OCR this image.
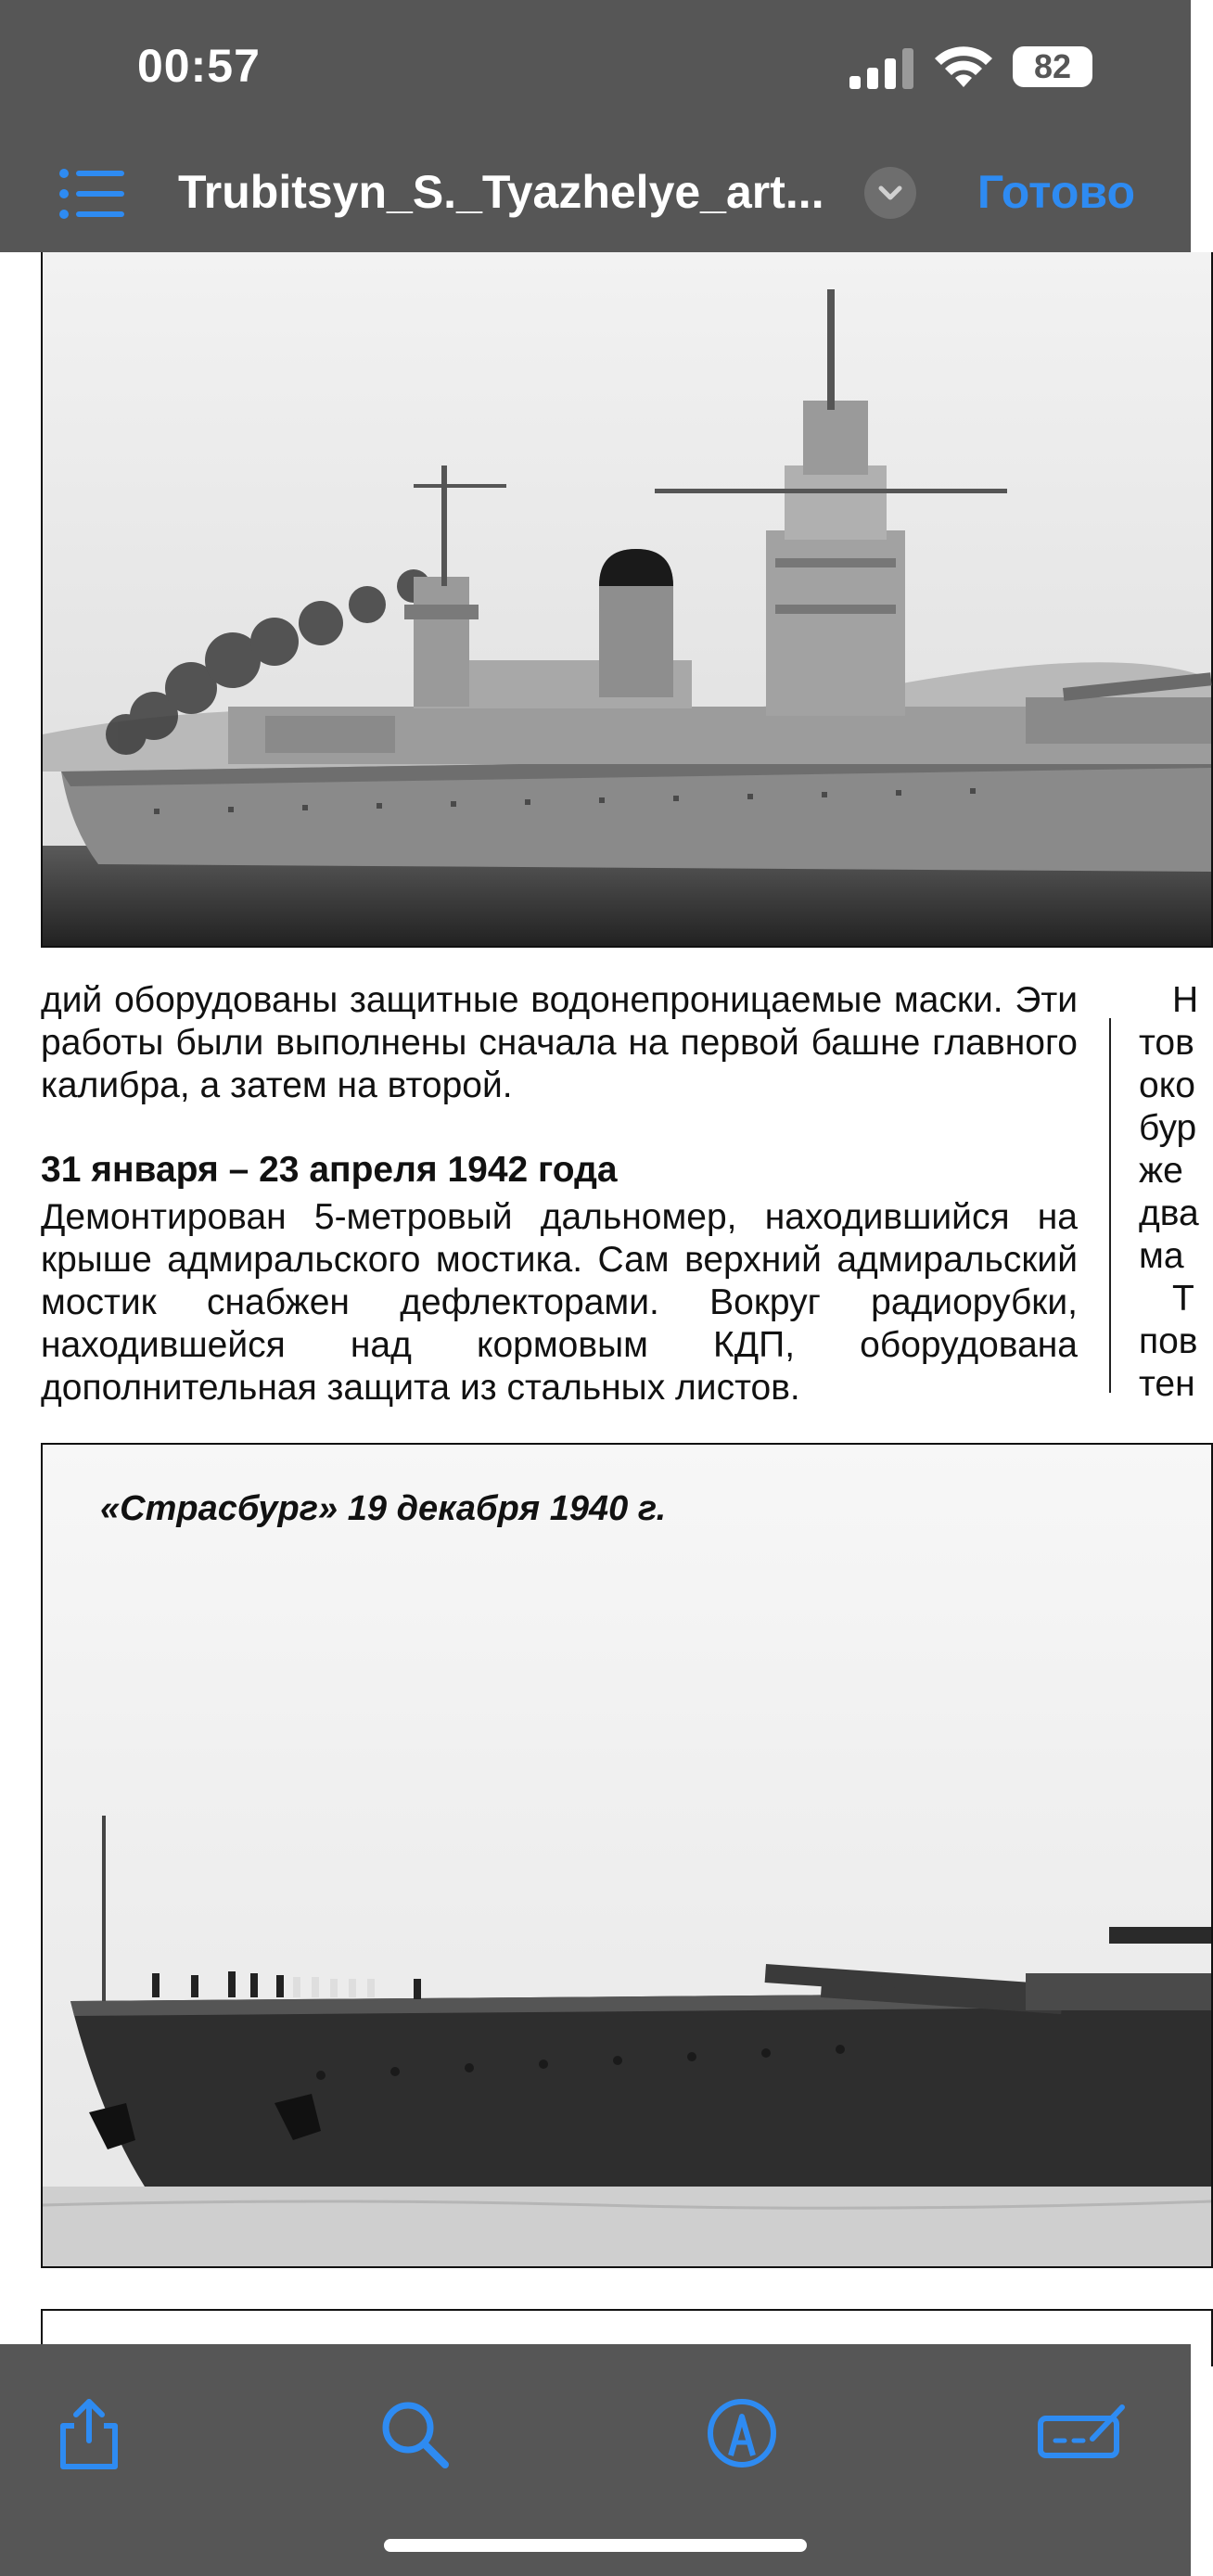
00:57	82
Trubitsyn_S._Tyazhelye_art...	Готово
дий оборудованы защитные водонепроницаемые маски. Эти работы были выполнены сначала на первой башне главного калибра, а затем на второй.
31 января – 23 апреля 1942 года
Демонтирован 5-метровый дальномер, находившийся на крыше адмиральского мостика. Сам верхний адмиральский мостик снабжен дефлекторами. Вокруг радиорубки, находившейся над кормовым КДП, оборудована дополнительная защита из стальных листов.
Н
тов
око
бур
же
два
ма
Т
пов
тен
«Страсбург» 19 декабря 1940 г.
